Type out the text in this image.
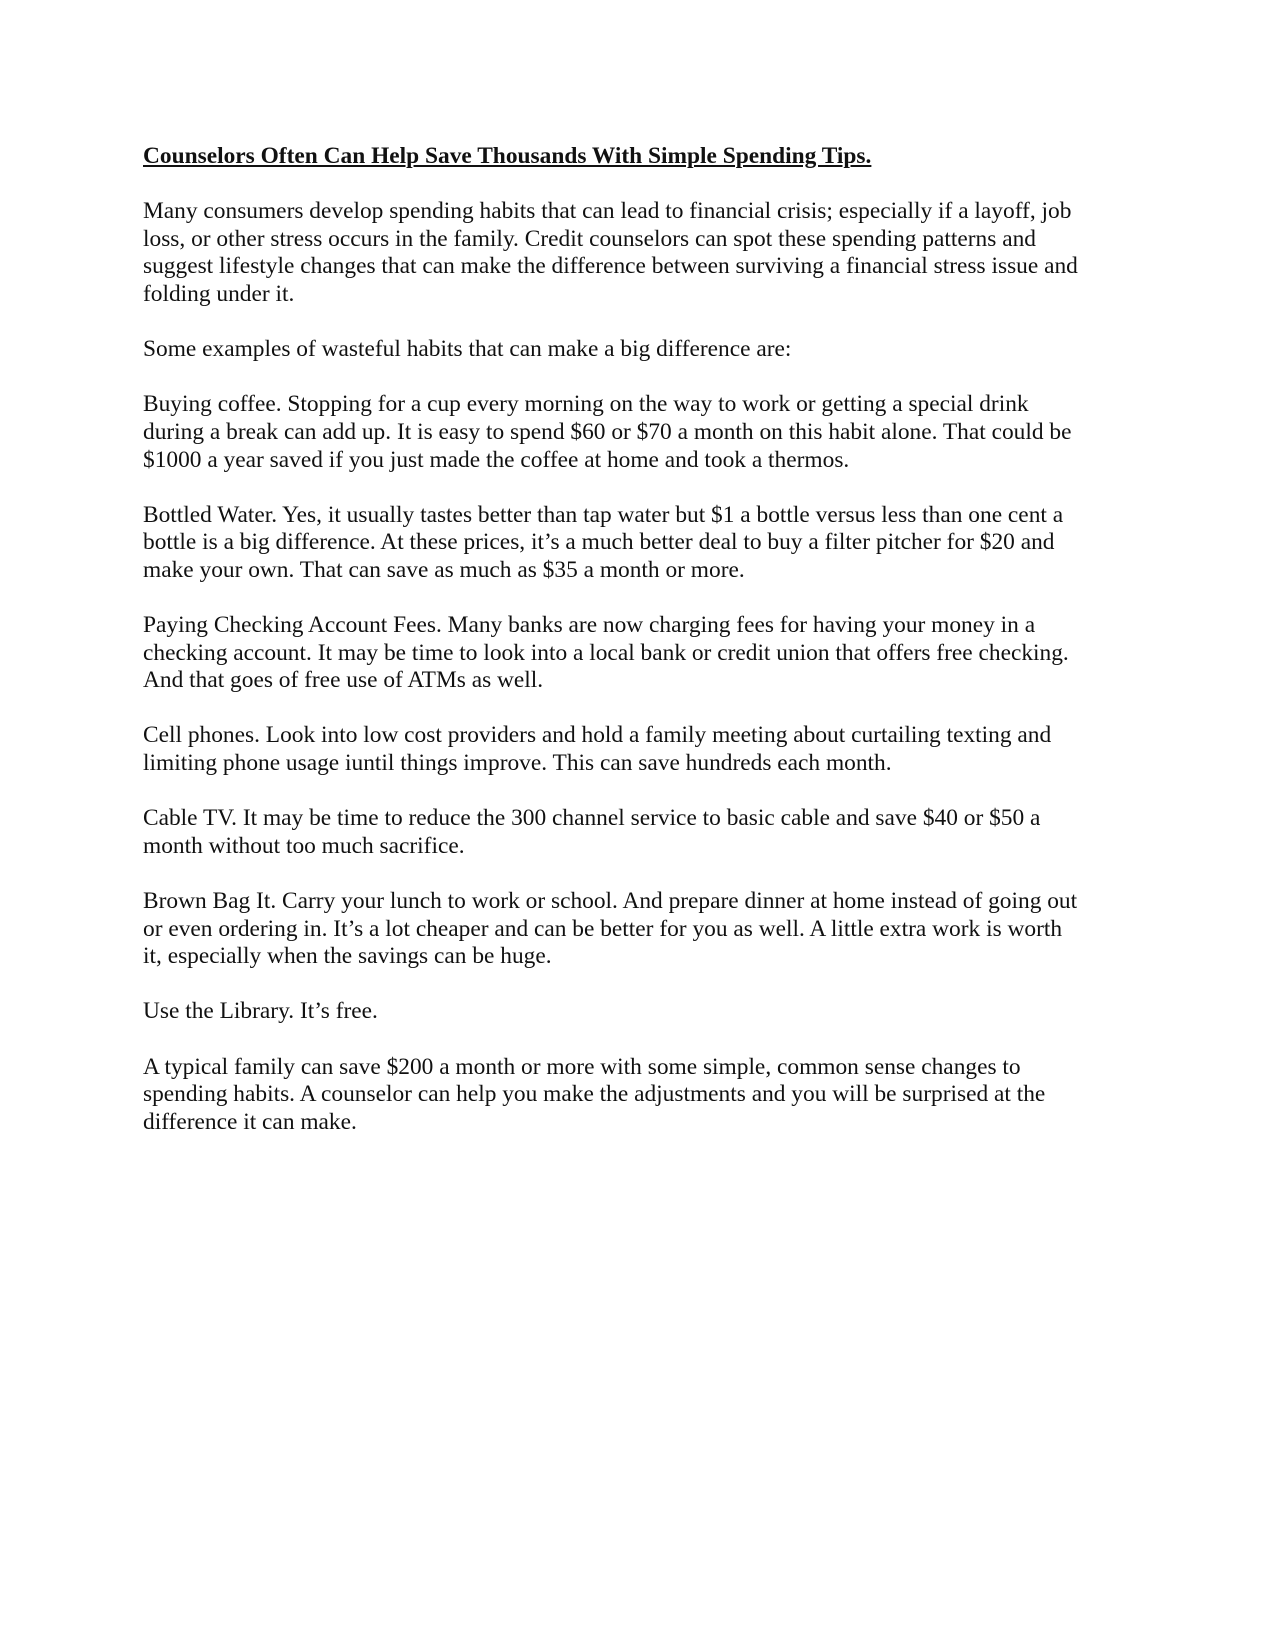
Counselors Often Can Help Save Thousands With Simple Spending Tips.

Many consumers develop spending habits that can lead to financial crisis; especially if a layoff, job loss, or other stress occurs in the family. Credit counselors can spot these spending patterns and suggest lifestyle changes that can make the difference between surviving a financial stress issue and folding under it.

Some examples of wasteful habits that can make a big difference are:

Buying coffee. Stopping for a cup every morning on the way to work or getting a special drink during a break can add up. It is easy to spend $60 or $70 a month on this habit alone. That could be $1000 a year saved if you just made the coffee at home and took a thermos.

Bottled Water. Yes, it usually tastes better than tap water but $1 a bottle versus less than one cent a bottle is a big difference. At these prices, it’s a much better deal to buy a filter pitcher for $20 and make your own. That can save as much as $35 a month or more.

Paying Checking Account Fees. Many banks are now charging fees for having your money in a checking account. It may be time to look into a local bank or credit union that offers free checking. And that goes of free use of ATMs as well.

Cell phones. Look into low cost providers and hold a family meeting about curtailing texting and limiting phone usage iuntil things improve. This can save hundreds each month.

Cable TV. It may be time to reduce the 300 channel service to basic cable and save $40 or $50 a month without too much sacrifice.

Brown Bag It. Carry your lunch to work or school. And prepare dinner at home instead of going out or even ordering in. It’s a lot cheaper and can be better for you as well. A little extra work is worth it, especially when the savings can be huge.

Use the Library. It’s free.

A typical family can save $200 a month or more with some simple, common sense changes to spending habits. A counselor can help you make the adjustments and you will be surprised at the difference it can make.
